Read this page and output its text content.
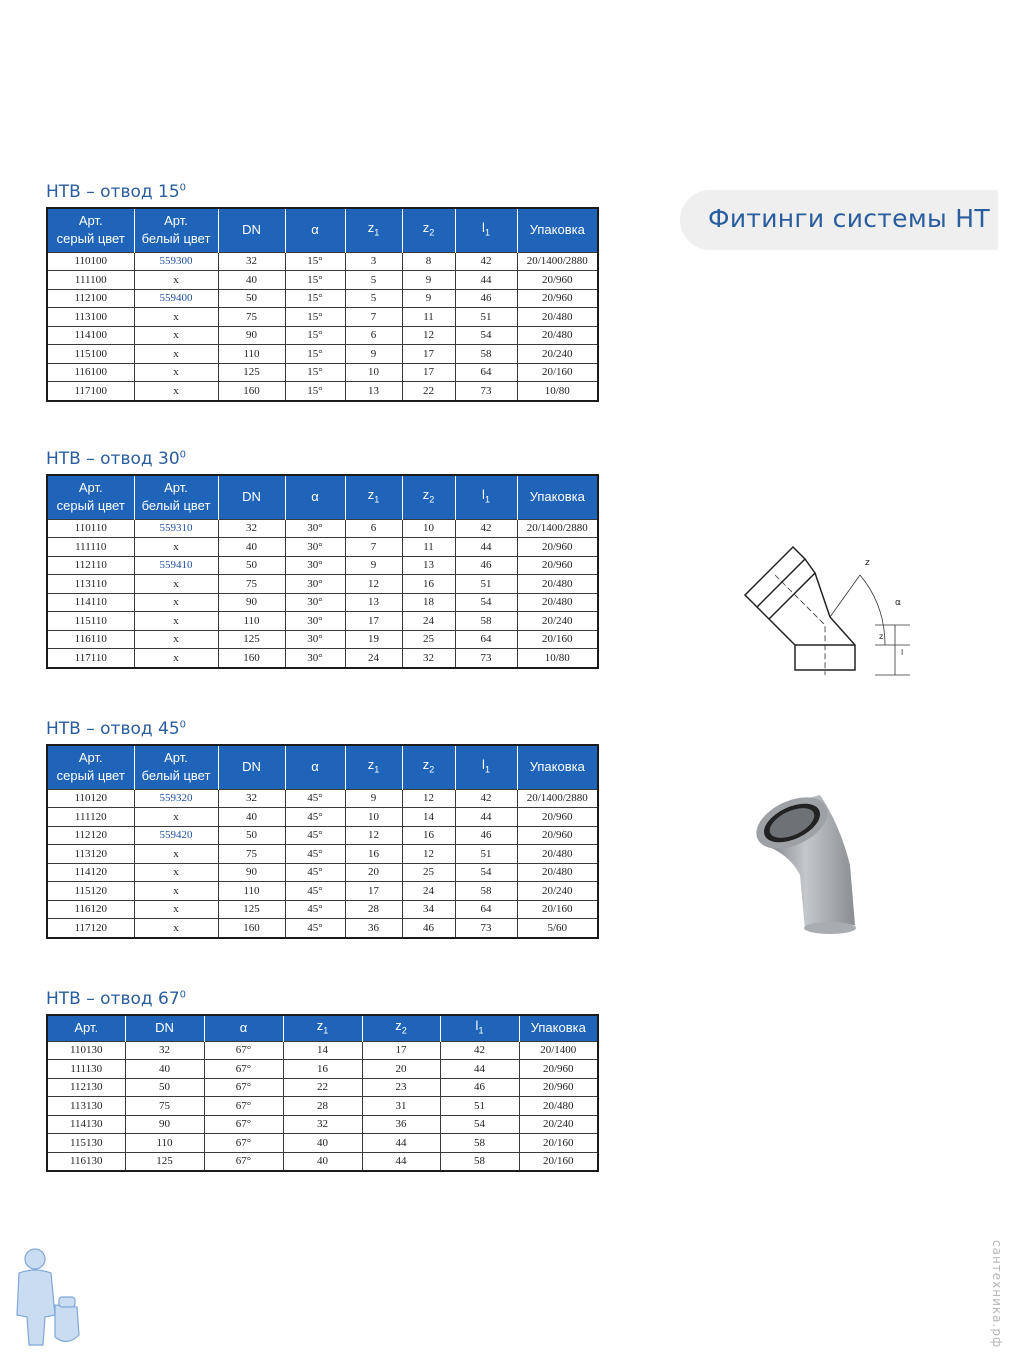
Фитинги системы HT
НТВ – отвод $15^0$
Арт.
серый цвет	Арт.
белый цвет	DN	α	$z_1$	$z_2$	$l_1$	Упаковка
110100	559300	32	15°	3	8	42	20/1400/2880
111100	x	40	15°	5	9	44	20/960
112100	559400	50	15°	5	9	46	20/960
113100	x	75	15°	7	11	51	20/480
114100	x	90	15°	6	12	54	20/480
115100	x	110	15°	9	17	58	20/240
116100	x	125	15°	10	17	64	20/160
117100	x	160	15°	13	22	73	10/80
НТВ – отвод $30^0$
Арт.
серый цвет	Арт.
белый цвет	DN	α	$z_1$	$z_2$	$l_1$	Упаковка
110110	559310	32	30°	6	10	42	20/1400/2880
111110	x	40	30°	7	11	44	20/960
112110	559410	50	30°	9	13	46	20/960
113110	x	75	30°	12	16	51	20/480
114110	x	90	30°	13	18	54	20/480
115110	x	110	30°	17	24	58	20/240
116110	x	125	30°	19	25	64	20/160
117110	x	160	30°	24	32	73	10/80
НТВ – отвод $45^0$
Арт.
серый цвет	Арт.
белый цвет	DN	α	$z_1$	$z_2$	$l_1$	Упаковка
110120	559320	32	45°	9	12	42	20/1400/2880
111120	x	40	45°	10	14	44	20/960
112120	559420	50	45°	12	16	46	20/960
113120	x	75	45°	16	12	51	20/480
114120	x	90	45°	20	25	54	20/480
115120	x	110	45°	17	24	58	20/240
116120	x	125	45°	28	34	64	20/160
117120	x	160	45°	36	46	73	5/60
НТВ – отвод $67^0$
Арт.	DN	α	$z_1$	$z_2$	$l_1$	Упаковка
110130	32	67°	14	17	42	20/1400
111130	40	67°	16	20	44	20/960
112130	50	67°	22	23	46	20/960
113130	75	67°	28	31	51	20/480
114130	90	67°	32	36	54	20/240
115130	110	67°	40	44	58	20/160
116130	125	67°	40	44	58	20/160
z
α
z
l
сантехника.рф
